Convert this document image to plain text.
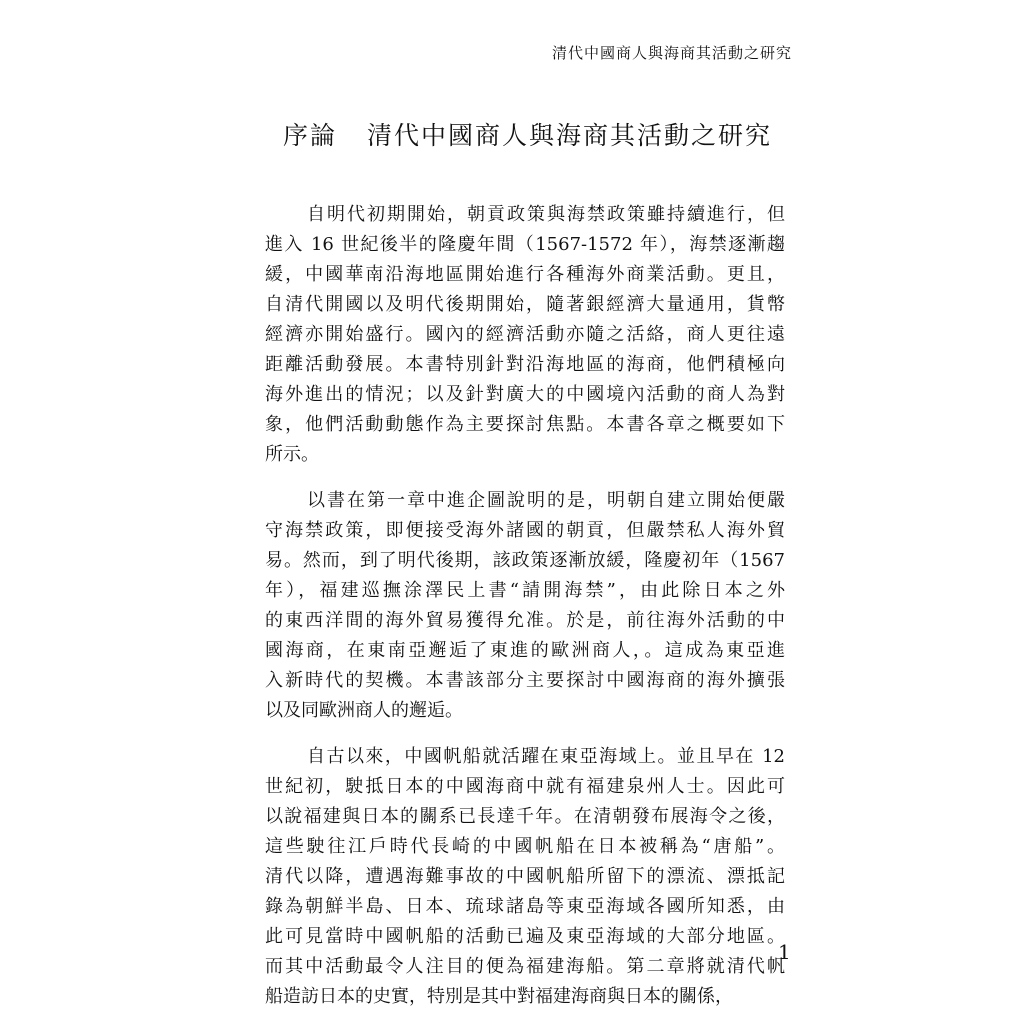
清代中國商人與海商其活動之研究
序論 清代中國商人與海商其活動之研究
自明代初期開始，朝貢政策與海禁政策雖持續進行，但
進入 16 世紀後半的隆慶年間（1567-1572 年），海禁逐漸趨
緩，中國華南沿海地區開始進行各種海外商業活動。更且，
自清代開國以及明代後期開始，隨著銀經濟大量通用，貨幣
經濟亦開始盛行。國內的經濟活動亦隨之活絡，商人更往遠
距離活動發展。本書特別針對沿海地區的海商，他們積極向
海外進出的情況；以及針對廣大的中國境內活動的商人為對
象，他們活動動態作為主要探討焦點。本書各章之概要如下
所示。
以書在第一章中進企圖說明的是，明朝自建立開始便嚴
守海禁政策，即便接受海外諸國的朝貢，但嚴禁私人海外貿
易。然而，到了明代後期，該政策逐漸放緩，隆慶初年（1567
年），福建巡撫涂澤民上書“請開海禁”，由此除日本之外
的東西洋間的海外貿易獲得允准。於是，前往海外活動的中
國海商，在東南亞邂逅了東進的歐洲商人，。這成為東亞進
入新時代的契機。本書該部分主要探討中國海商的海外擴張
以及同歐洲商人的邂逅。
自古以來，中國帆船就活躍在東亞海域上。並且早在 12
世紀初，駛抵日本的中國海商中就有福建泉州人士。因此可
以說福建與日本的關系已長達千年。在清朝發布展海令之後，
這些駛往江戶時代長崎的中國帆船在日本被稱為“唐船”。
清代以降，遭遇海難事故的中國帆船所留下的漂流、漂抵記
錄為朝鮮半島、日本、琉球諸島等東亞海域各國所知悉，由
此可見當時中國帆船的活動已遍及東亞海域的大部分地區。
而其中活動最令人注目的便為福建海船。第二章將就清代帆
船造訪日本的史實，特別是其中對福建海商與日本的關係，
1
